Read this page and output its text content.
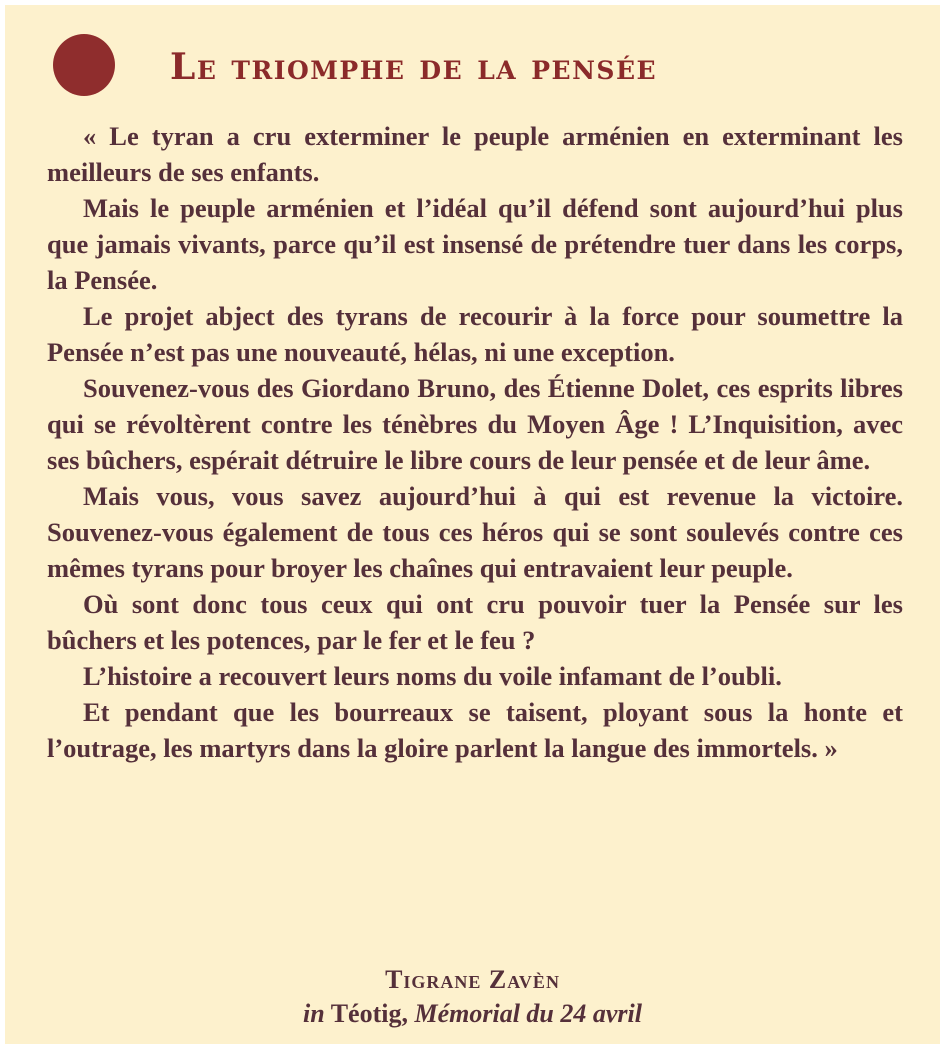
Le triomphe de la pensée

« Le tyran a cru exterminer le peuple arménien en exterminant les meilleurs de ses enfants.

Mais le peuple arménien et l’idéal qu’il défend sont aujourd’hui plus que jamais vivants, parce qu’il est insensé de prétendre tuer dans les corps, la Pensée.

Le projet abject des tyrans de recourir à la force pour soumettre la Pensée n’est pas une nouveauté, hélas, ni une exception.

Souvenez-vous des Giordano Bruno, des Étienne Dolet, ces esprits libres qui se révoltèrent contre les ténèbres du Moyen Âge ! L’Inquisition, avec ses bûchers, espérait détruire le libre cours de leur pensée et de leur âme.

Mais vous, vous savez aujourd’hui à qui est revenue la victoire. Souvenez-vous également de tous ces héros qui se sont soulevés contre ces mêmes tyrans pour broyer les chaînes qui entravaient leur peuple.

Où sont donc tous ceux qui ont cru pouvoir tuer la Pensée sur les bûchers et les potences, par le fer et le feu ?

L’histoire a recouvert leurs noms du voile infamant de l’oubli.

Et pendant que les bourreaux se taisent, ployant sous la honte et l’outrage, les martyrs dans la gloire parlent la langue des immortels. »

Tigrane Zavèn
in Téotig, Mémorial du 24 avril
